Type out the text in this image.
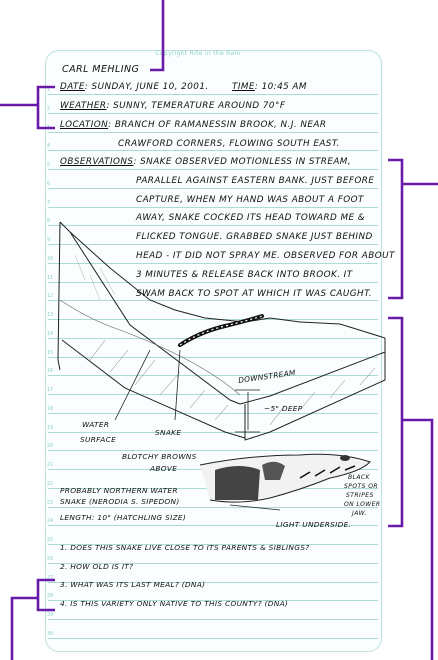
Copyright Rite in the Rain
1
2
3
4
5
6
7
8
9
10
11
12
13
14
15
16
17
18
19
20
21
22
23
24
25
26
27
28
29
30
CARL MEHLING
DATE: SUNDAY, JUNE 10, 2001.	TIME: 10:45 AM
WEATHER: SUNNY, TEMERATURE AROUND 70°F
LOCATION: BRANCH OF RAMANESSIN BROOK, N.J. NEAR
CRAWFORD CORNERS, FLOWING SOUTH EAST.
OBSERVATIONS: SNAKE OBSERVED MOTIONLESS IN STREAM,
PARALLEL AGAINST EASTERN BANK. JUST BEFORE
CAPTURE, WHEN MY HAND WAS ABOUT A FOOT
AWAY, SNAKE COCKED ITS HEAD TOWARD ME &
FLICKED TONGUE. GRABBED SNAKE JUST BEHIND
HEAD - IT DID NOT SPRAY ME. OBSERVED FOR ABOUT
3 MINUTES & RELEASE BACK INTO BROOK. IT
SWAM BACK TO SPOT AT WHICH IT WAS CAUGHT.
DOWNSTREAM
~5" DEEP
WATER
SURFACE
SNAKE
BLOTCHY BROWNS
ABOVE
BLACK
SPOTS OR
STRIPES
ON LOWER
JAW.
LIGHT UNDERSIDE.
PROBABLY NORTHERN WATER
SNAKE (NERODIA S. SIPEDON)
LENGTH: 10" (HATCHLING SIZE)
1. DOES THIS SNAKE LIVE CLOSE TO ITS PARENTS & SIBLINGS?
2. HOW OLD IS IT?
3. WHAT WAS ITS LAST MEAL? (DNA)
4. IS THIS VARIETY ONLY NATIVE TO THIS COUNTY? (DNA)
